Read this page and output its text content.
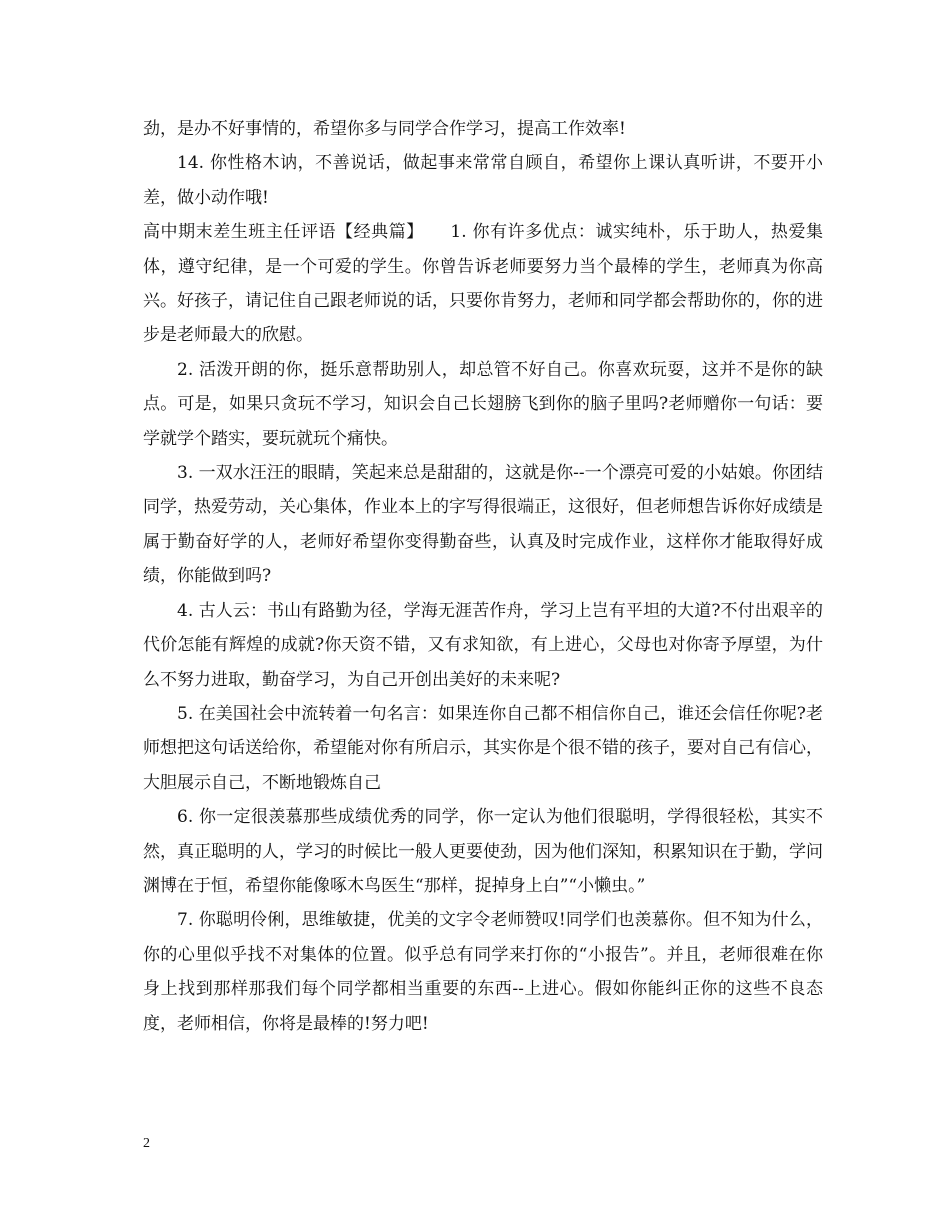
劲，是办不好事情的，希望你多与同学合作学习，提高工作效率!

14. 你性格木讷，不善说话，做起事来常常自顾自，希望你上课认真听讲，不要开小差，做小动作哦!

高中期末差生班主任评语【经典篇】　　1. 你有许多优点：诚实纯朴，乐于助人，热爱集体，遵守纪律，是一个可爱的学生。你曾告诉老师要努力当个最棒的学生，老师真为你高兴。好孩子，请记住自己跟老师说的话，只要你肯努力，老师和同学都会帮助你的，你的进步是老师最大的欣慰。

2. 活泼开朗的你，挺乐意帮助别人，却总管不好自己。你喜欢玩耍，这并不是你的缺点。可是，如果只贪玩不学习，知识会自己长翅膀飞到你的脑子里吗?老师赠你一句话：要学就学个踏实，要玩就玩个痛快。

3. 一双水汪汪的眼睛，笑起来总是甜甜的，这就是你--一个漂亮可爱的小姑娘。你团结同学，热爱劳动，关心集体，作业本上的字写得很端正，这很好，但老师想告诉你好成绩是属于勤奋好学的人，老师好希望你变得勤奋些，认真及时完成作业，这样你才能取得好成绩，你能做到吗?

4. 古人云：书山有路勤为径，学海无涯苦作舟，学习上岂有平坦的大道?不付出艰辛的代价怎能有辉煌的成就?你天资不错，又有求知欲，有上进心，父母也对你寄予厚望，为什么不努力进取，勤奋学习，为自己开创出美好的未来呢?

5. 在美国社会中流转着一句名言：如果连你自己都不相信你自己，谁还会信任你呢?老师想把这句话送给你，希望能对你有所启示，其实你是个很不错的孩子，要对自己有信心，大胆展示自己，不断地锻炼自己

6. 你一定很羡慕那些成绩优秀的同学，你一定认为他们很聪明，学得很轻松，其实不然，真正聪明的人，学习的时候比一般人更要使劲，因为他们深知，积累知识在于勤，学问渊博在于恒，希望你能像啄木鸟医生“那样，捉掉身上白”“小懒虫。”

7. 你聪明伶俐，思维敏捷，优美的文字令老师赞叹!同学们也羡慕你。但不知为什么，你的心里似乎找不对集体的位置。似乎总有同学来打你的“小报告”。并且，老师很难在你身上找到那样那我们每个同学都相当重要的东西--上进心。假如你能纠正你的这些不良态度，老师相信，你将是最棒的!努力吧!

2
